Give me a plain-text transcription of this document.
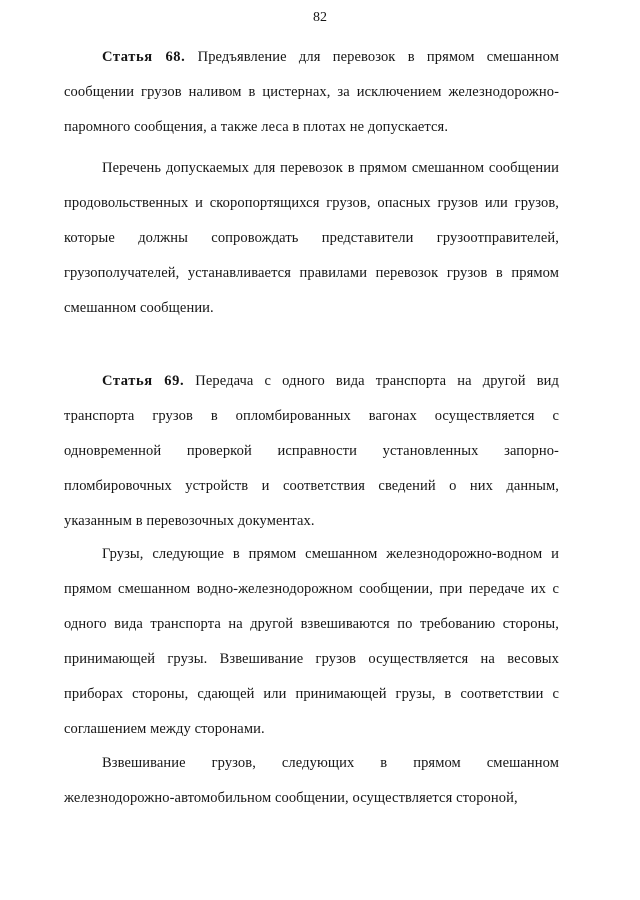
82

Статья 68. Предъявление для перевозок в прямом смешанном сообщении грузов наливом в цистернах, за исключением железнодорожно-паромного сообщения, а также леса в плотах не допускается.

Перечень допускаемых для перевозок в прямом смешанном сообщении продовольственных и скоропортящихся грузов, опасных грузов или грузов, которые должны сопровождать представители грузоотправителей, грузополучателей, устанавливается правилами перевозок грузов в прямом смешанном сообщении.

Статья 69. Передача с одного вида транспорта на другой вид транспорта грузов в опломбированных вагонах осуществляется с одновременной проверкой исправности установленных запорно-пломбировочных устройств и соответствия сведений о них данным, указанным в перевозочных документах.

Грузы, следующие в прямом смешанном железнодорожно-водном и прямом смешанном водно-железнодорожном сообщении, при передаче их с одного вида транспорта на другой взвешиваются по требованию стороны, принимающей грузы. Взвешивание грузов осуществляется на весовых приборах стороны, сдающей или принимающей грузы, в соответствии с соглашением между сторонами.

Взвешивание грузов, следующих в прямом смешанном железнодорожно-автомобильном сообщении, осуществляется стороной,
